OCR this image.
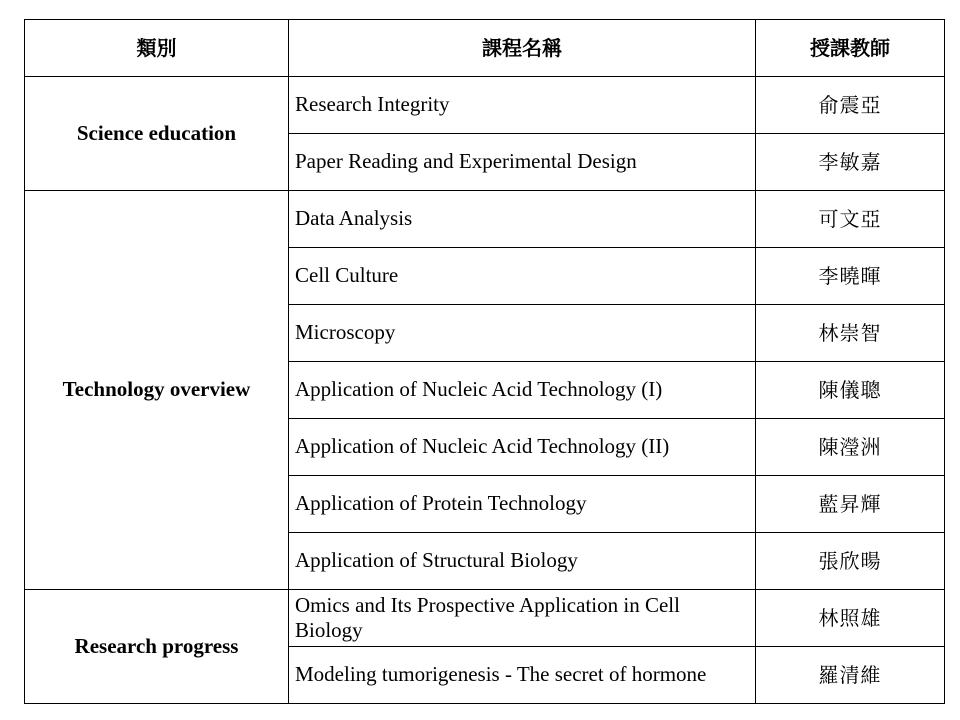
類別	課程名稱	授課教師
Science education	Research Integrity	俞震亞
	Paper Reading and Experimental Design	李敏嘉
Technology overview	Data Analysis	可文亞
	Cell Culture	李曉暉
	Microscopy	林崇智
	Application of Nucleic Acid Technology (I)	陳儀聰
	Application of Nucleic Acid Technology (II)	陳瀅洲
	Application of Protein Technology	藍昇輝
	Application of Structural Biology	張欣暘
Research progress	Omics and Its Prospective Application in Cell Biology	林照雄
	Modeling tumorigenesis - The secret of hormone	羅清維
